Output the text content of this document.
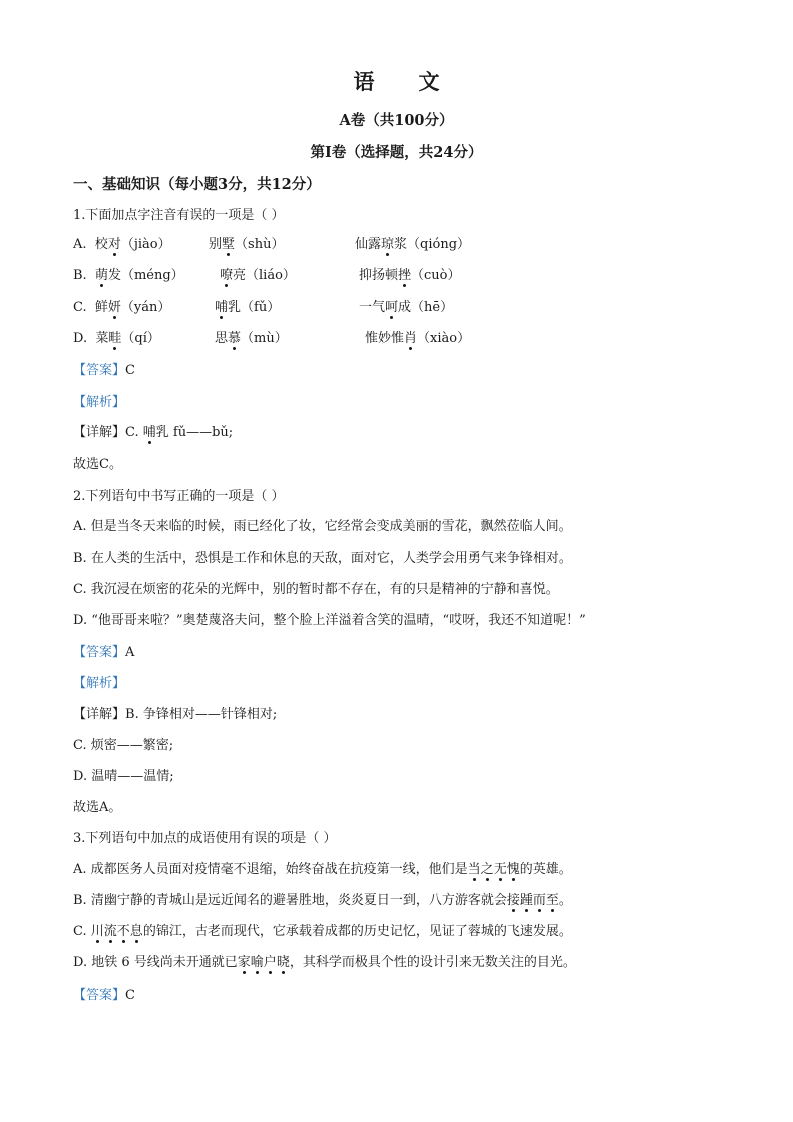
语文
A卷（共100分）
第I卷（选择题，共24分）
一、基础知识（每小题3分，共12分）
1.下面加点字注音有误的一项是（ ）
A. 校对（jiào）	别墅（shù）	仙露琼浆（qióng）
B. 萌发（méng）	嘹亮（liáo）	抑扬顿挫（cuò）
C. 鲜妍（yán）	哺乳（fǔ）	一气呵成（hē）
D. 菜畦（qí）	思慕（mù）	惟妙惟肖（xiào）
【答案】C
【解析】
【详解】C. 哺乳 fǔ——bǔ;
故选C。
2.下列语句中书写正确的一项是（ ）
A. 但是当冬天来临的时候，雨已经化了妆，它经常会变成美丽的雪花，飘然莅临人间。
B. 在人类的生活中，恐惧是工作和休息的天敌，面对它，人类学会用勇气来争锋相对。
C. 我沉浸在烦密的花朵的光辉中，别的暂时都不存在，有的只是精神的宁静和喜悦。
D. “他哥哥来啦？”奥楚蔑洛夫问，整个脸上洋溢着含笑的温晴，“哎呀，我还不知道呢！”
【答案】A
【解析】
【详解】B. 争锋相对——针锋相对;
C. 烦密——繁密;
D. 温晴——温情;
故选A。
3.下列语句中加点的成语使用有误的项是（ ）
A. 成都医务人员面对疫情毫不退缩，始终奋战在抗疫第一线，他们是当之无愧的英雄。
B. 清幽宁静的青城山是远近闻名的避暑胜地，炎炎夏日一到，八方游客就会接踵而至。
C. 川流不息的锦江，古老而现代，它承载着成都的历史记忆，见证了蓉城的飞速发展。
D. 地铁 6 号线尚未开通就已家喻户晓，其科学而极具个性的设计引来无数关注的目光。
【答案】C
